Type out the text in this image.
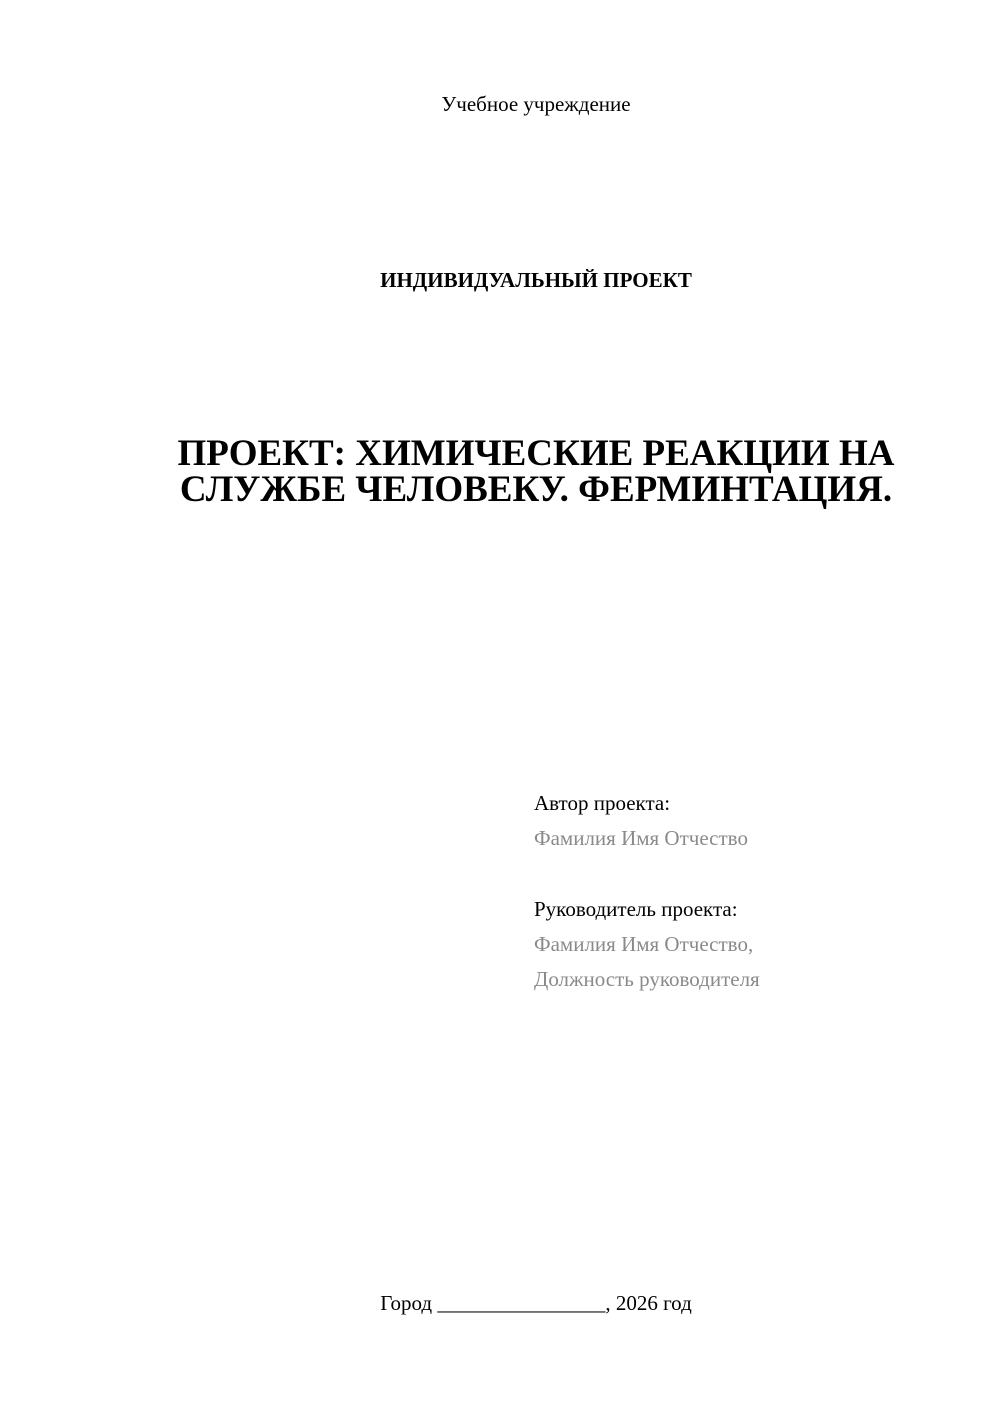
Учебное учреждение

ИНДИВИДУАЛЬНЫЙ ПРОЕКТ

ПРОЕКТ: ХИМИЧЕСКИЕ РЕАКЦИИ НА
СЛУЖБЕ ЧЕЛОВЕКУ. ФЕРМИНТАЦИЯ.

Автор проекта:

Фамилия Имя Отчество

Руководитель проекта:

Фамилия Имя Отчество,

Должность руководителя

Город ________________, 2026 год
